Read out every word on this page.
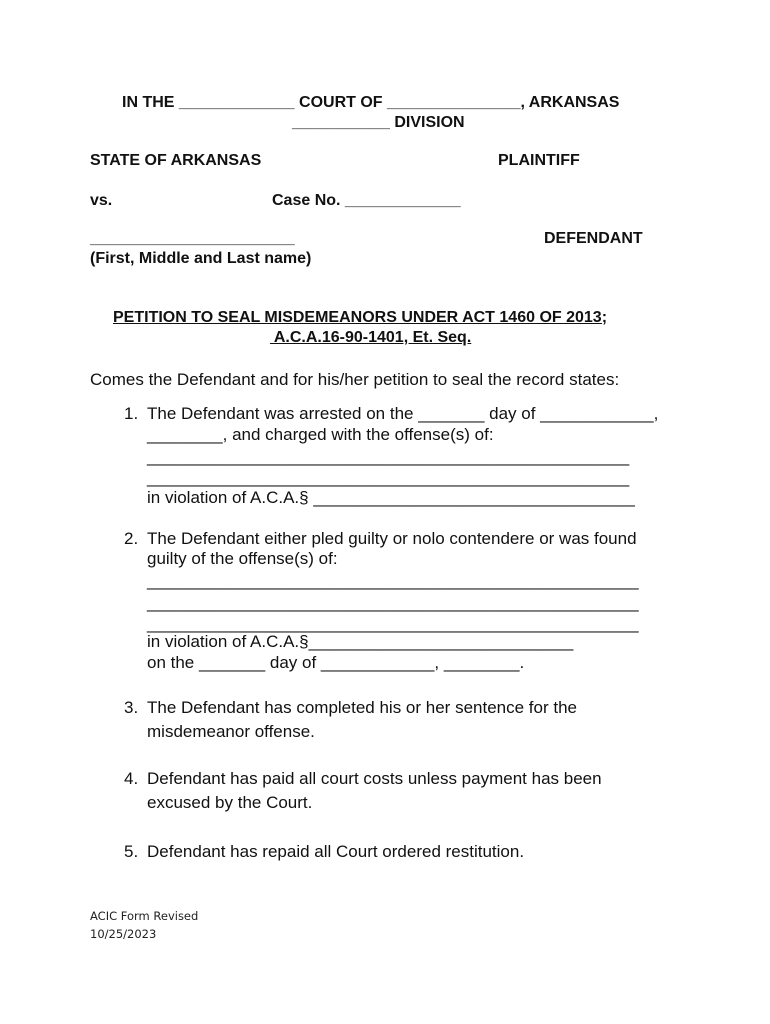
IN THE _____________ COURT OF _______________, ARKANSAS
___________ DIVISION
STATE OF ARKANSAS	PLAINTIFF
vs.	Case No. _____________
_______________________	DEFENDANT
(First, Middle and Last name)
PETITION TO SEAL MISDEMEANORS UNDER ACT 1460 OF 2013;
A.C.A.16-90-1401, Et. Seq.
Comes the Defendant and for his/her petition to seal the record states:
1. The Defendant was arrested on the _______ day of ____________,
________, and charged with the offense(s) of:
___________________________________________________
___________________________________________________
in violation of A.C.A.§ __________________________________
2. The Defendant either pled guilty or nolo contendere or was found
guilty of the offense(s) of:
____________________________________________________
____________________________________________________
____________________________________________________
in violation of A.C.A.§____________________________
on the _______ day of ____________, ________.
3. The Defendant has completed his or her sentence for the
misdemeanor offense.
4. Defendant has paid all court costs unless payment has been
excused by the Court.
5. Defendant has repaid all Court ordered restitution.
ACIC Form Revised
10/25/2023
